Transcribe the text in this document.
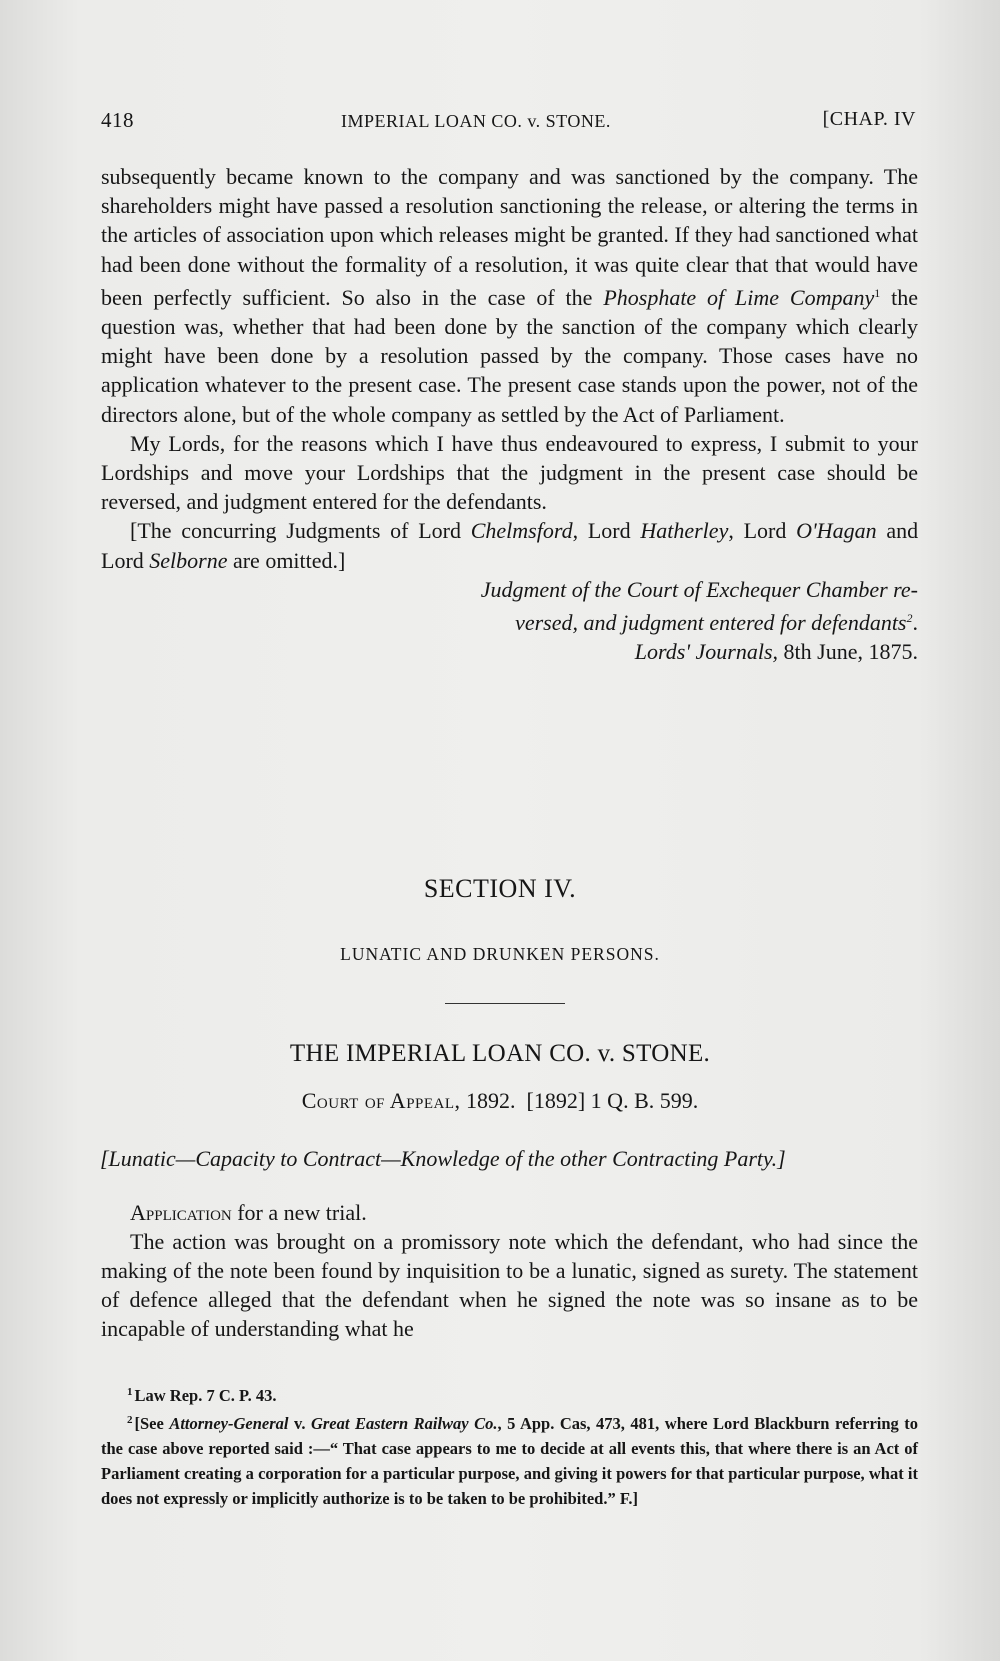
418	IMPERIAL LOAN CO. v. STONE.	[CHAP. IV

subsequently became known to the company and was sanctioned by the company. The shareholders might have passed a resolution sanctioning the release, or altering the terms in the articles of association upon which releases might be granted. If they had sanctioned what had been done without the formality of a resolution, it was quite clear that that would have been perfectly sufficient. So also in the case of the Phosphate of Lime Company$^1$ the question was, whether that had been done by the sanction of the company which clearly might have been done by a resolution passed by the company. Those cases have no application whatever to the present case. The present case stands upon the power, not of the directors alone, but of the whole company as settled by the Act of Parliament.

My Lords, for the reasons which I have thus endeavoured to express, I submit to your Lordships and move your Lordships that the judgment in the present case should be reversed, and judgment entered for the defendants.

[The concurring Judgments of Lord Chelmsford, Lord Hatherley, Lord O'Hagan and Lord Selborne are omitted.]

Judgment of the Court of Exchequer Chamber re-

versed, and judgment entered for defendants$^2$.

Lords' Journals, 8th June, 1875.

SECTION IV.
LUNATIC AND DRUNKEN PERSONS.
THE IMPERIAL LOAN CO. v. STONE.
Court of Appeal, 1892. [1892] 1 Q. B. 599.
[Lunatic—Capacity to Contract—Knowledge of the other Contracting Party.]

Application for a new trial.

The action was brought on a promissory note which the defendant, who had since the making of the note been found by inquisition to be a lunatic, signed as surety. The statement of defence alleged that the defendant when he signed the note was so insane as to be incapable of understanding what he

$^1$ Law Rep. 7 C. P. 43.

$^2$ [See Attorney-General v. Great Eastern Railway Co., 5 App. Cas, 473, 481, where Lord Blackburn referring to the case above reported said :—“ That case appears to me to decide at all events this, that where there is an Act of Parliament creating a corporation for a particular purpose, and giving it powers for that particular purpose, what it does not expressly or implicitly authorize is to be taken to be prohibited.” F.]
